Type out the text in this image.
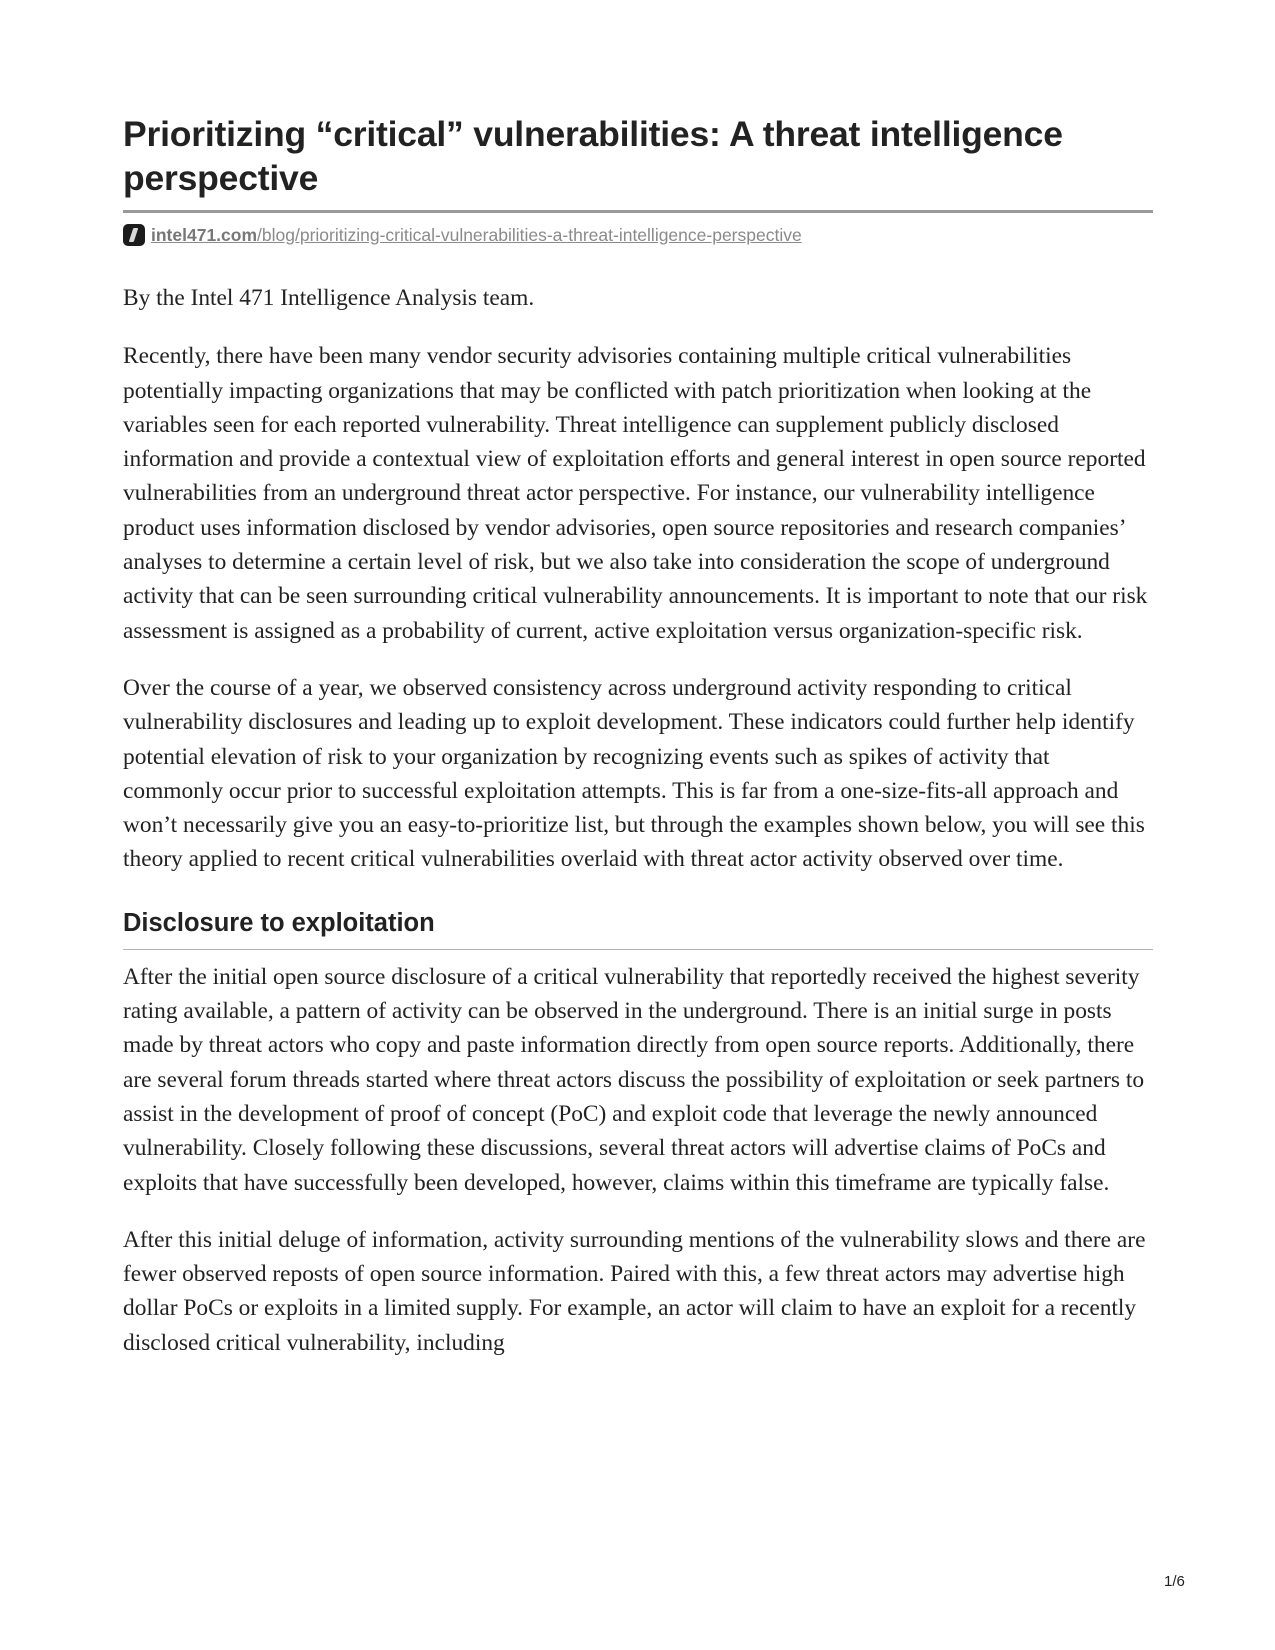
Prioritizing “critical” vulnerabilities: A threat intelligence perspective
intel471.com/blog/prioritizing-critical-vulnerabilities-a-threat-intelligence-perspective

By the Intel 471 Intelligence Analysis team.

Recently, there have been many vendor security advisories containing multiple critical vulnerabilities potentially impacting organizations that may be conflicted with patch prioritization when looking at the variables seen for each reported vulnerability. Threat intelligence can supplement publicly disclosed information and provide a contextual view of exploitation efforts and general interest in open source reported vulnerabilities from an underground threat actor perspective. For instance, our vulnerability intelligence product uses information disclosed by vendor advisories, open source repositories and research companies’ analyses to determine a certain level of risk, but we also take into consideration the scope of underground activity that can be seen surrounding critical vulnerability announcements. It is important to note that our risk assessment is assigned as a probability of current, active exploitation versus organization-specific risk.

Over the course of a year, we observed consistency across underground activity responding to critical vulnerability disclosures and leading up to exploit development. These indicators could further help identify potential elevation of risk to your organization by recognizing events such as spikes of activity that commonly occur prior to successful exploitation attempts. This is far from a one-size-fits-all approach and won’t necessarily give you an easy-to-prioritize list, but through the examples shown below, you will see this theory applied to recent critical vulnerabilities overlaid with threat actor activity observed over time.

Disclosure to exploitation

After the initial open source disclosure of a critical vulnerability that reportedly received the highest severity rating available, a pattern of activity can be observed in the underground. There is an initial surge in posts made by threat actors who copy and paste information directly from open source reports. Additionally, there are several forum threads started where threat actors discuss the possibility of exploitation or seek partners to assist in the development of proof of concept (PoC) and exploit code that leverage the newly announced vulnerability. Closely following these discussions, several threat actors will advertise claims of PoCs and exploits that have successfully been developed, however, claims within this timeframe are typically false.

After this initial deluge of information, activity surrounding mentions of the vulnerability slows and there are fewer observed reposts of open source information. Paired with this, a few threat actors may advertise high dollar PoCs or exploits in a limited supply. For example, an actor will claim to have an exploit for a recently disclosed critical vulnerability, including

1/6
